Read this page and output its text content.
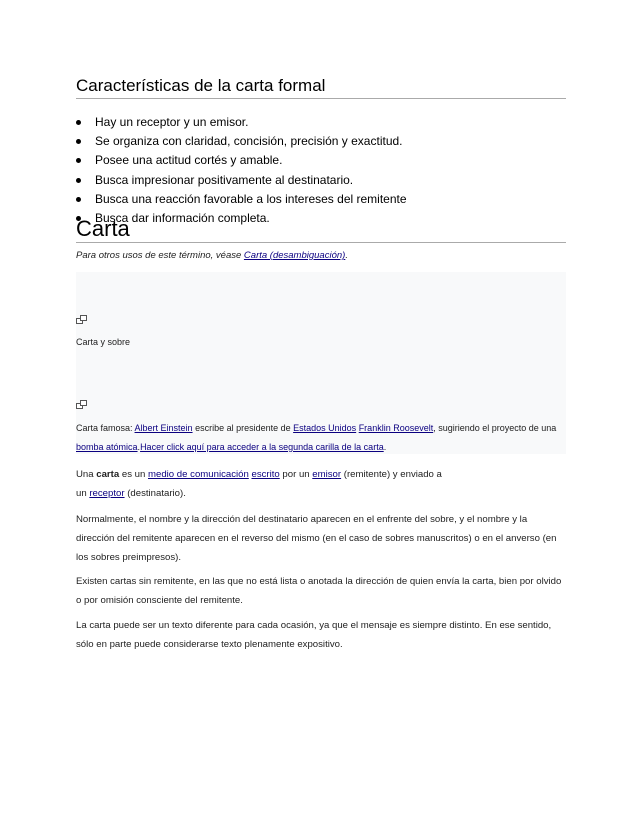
Características de la carta formal
Hay un receptor y un emisor.
Se organiza con claridad, concisión, precisión y exactitud.
Posee una actitud cortés y amable.
Busca impresionar positivamente al destinatario.
Busca una reacción favorable a los intereses del remitente
Busca dar información completa.
Carta
Para otros usos de este término, véase Carta (desambiguación).
Carta y sobre
Carta famosa: Albert Einstein escribe al presidente de Estados Unidos Franklin Roosevelt, sugiriendo el proyecto de una bomba atómica.Hacer click aquí para acceder a la segunda carilla de la carta.

Una carta es un medio de comunicación escrito por un emisor (remitente) y enviado a
un receptor (destinatario).

Normalmente, el nombre y la dirección del destinatario aparecen en el enfrente del sobre, y el nombre y la dirección del remitente aparecen en el reverso del mismo (en el caso de sobres manuscritos) o en el anverso (en los sobres preimpresos).

Existen cartas sin remitente, en las que no está lista o anotada la dirección de quien envía la carta, bien por olvido o por omisión consciente del remitente.

La carta puede ser un texto diferente para cada ocasión, ya que el mensaje es siempre distinto. En ese sentido, sólo en parte puede considerarse texto plenamente expositivo.
